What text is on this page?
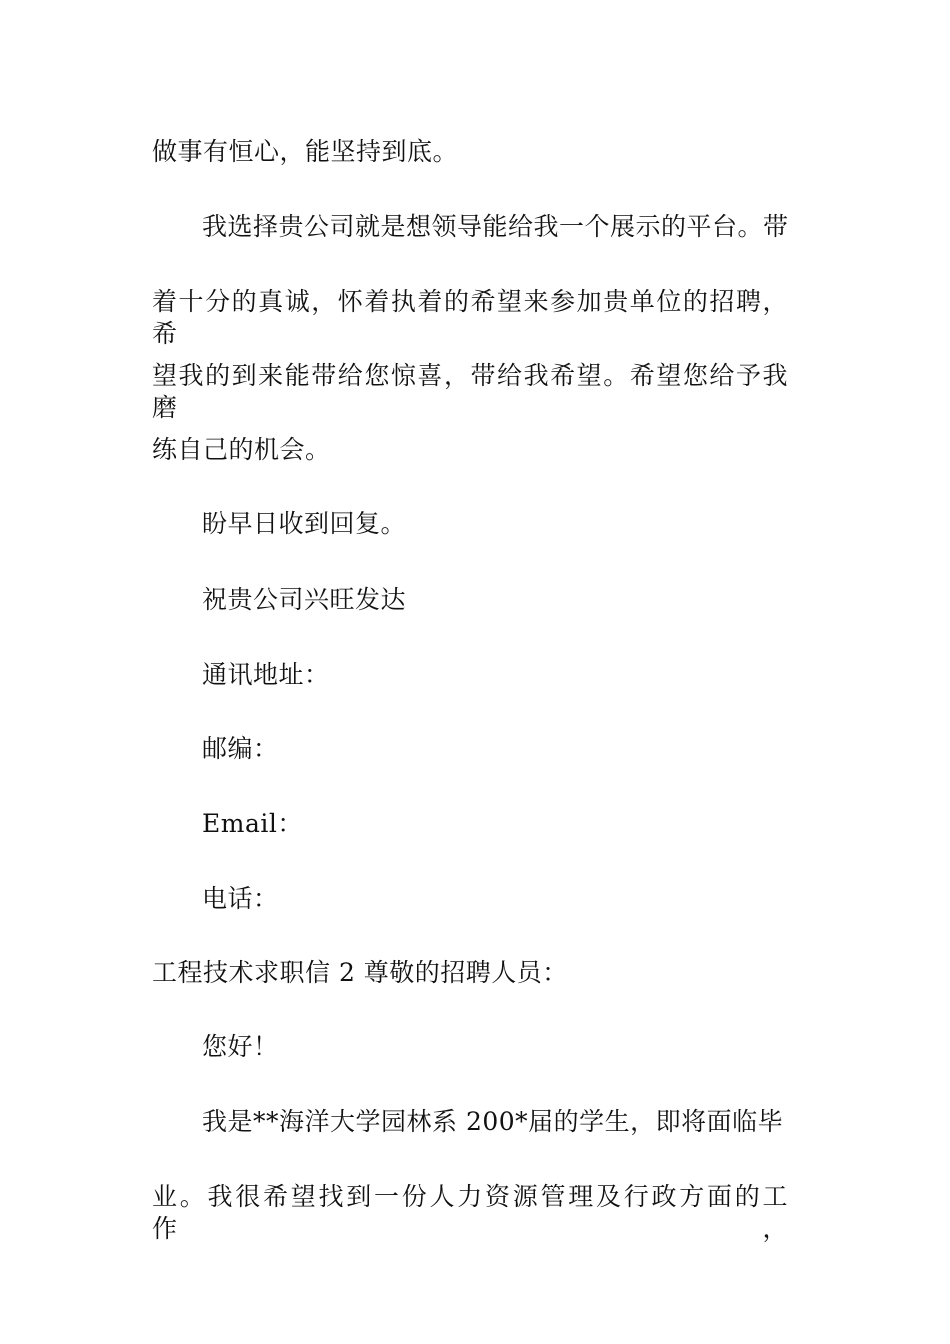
做事有恒心，能坚持到底。
我选择贵公司就是想领导能给我一个展示的平台。带
着十分的真诚，怀着执着的希望来参加贵单位的招聘，希
望我的到来能带给您惊喜，带给我希望。希望您给予我磨
练自己的机会。
盼早日收到回复。
祝贵公司兴旺发达
通讯地址：
邮编：
Email：
电话：
工程技术求职信 2 尊敬的招聘人员：
您好！
我是**海洋大学园林系 200*届的学生，即将面临毕
业。我很希望找到一份人力资源管理及行政方面的工作，
